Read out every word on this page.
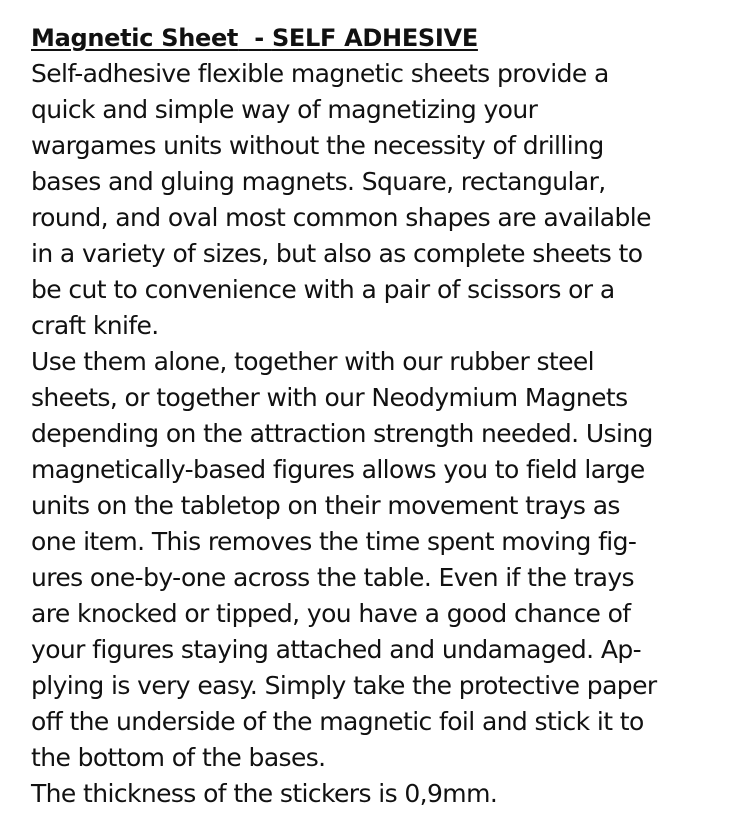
Magnetic Sheet  - SELF ADHESIVE
Self-adhesive flexible magnetic sheets provide a
quick and simple way of magnetizing your
wargames units without the necessity of drilling
bases and gluing magnets. Square, rectangular,
round, and oval most common shapes are available
in a variety of sizes, but also as complete sheets to
be cut to convenience with a pair of scissors or a
craft knife.
Use them alone, together with our rubber steel
sheets, or together with our Neodymium Magnets
depending on the attraction strength needed. Using
magnetically-based figures allows you to field large
units on the tabletop on their movement trays as
one item. This removes the time spent moving fig-
ures one-by-one across the table. Even if the trays
are knocked or tipped, you have a good chance of
your figures staying attached and undamaged. Ap-
plying is very easy. Simply take the protective paper
off the underside of the magnetic foil and stick it to
the bottom of the bases.
The thickness of the stickers is 0,9mm.
